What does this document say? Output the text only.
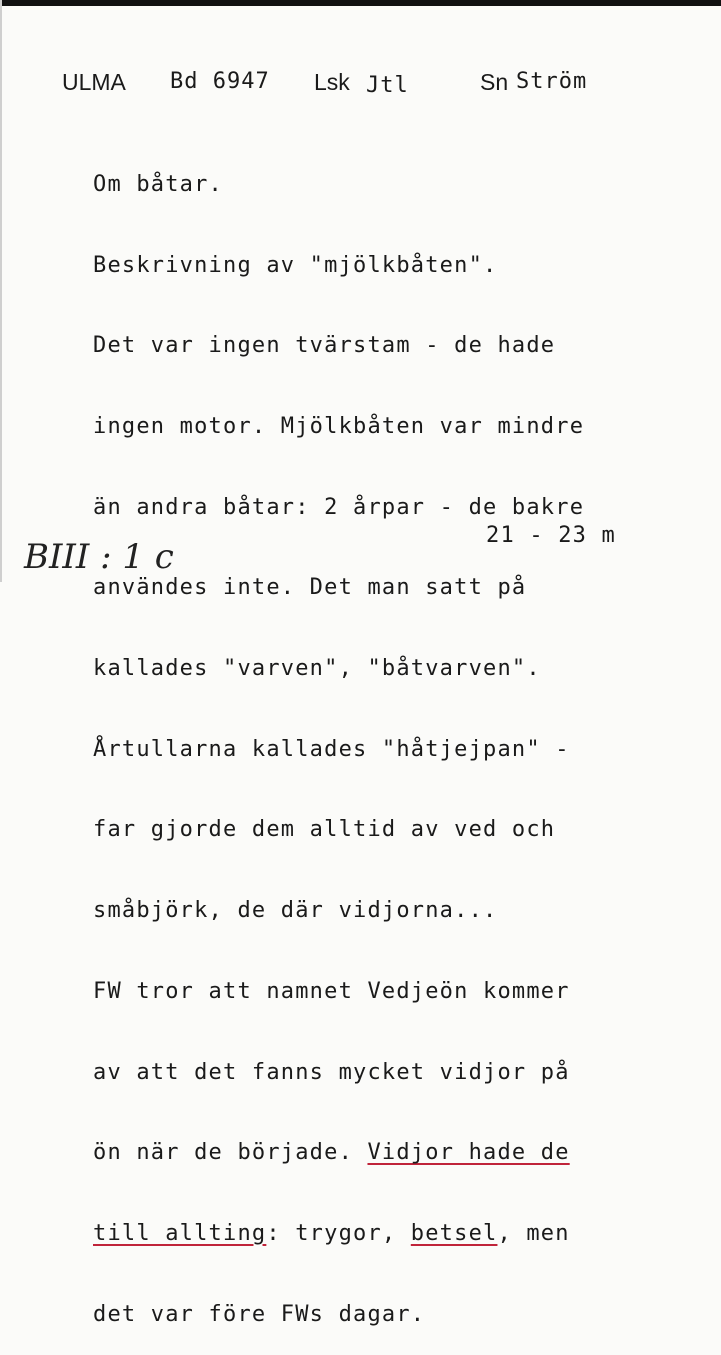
ULMA Bd 6947 Lsk Jtl	Sn Ström

Om båtar.

Beskrivning av "mjölkbåten".

Det var ingen tvärstam - de hade

ingen motor. Mjölkbåten var mindre

än andra båtar: 2 årpar - de bakre

användes inte. Det man satt på

kallades "varven", "båtvarven".

Årtullarna kallades "håtjejpan" -

far gjorde dem alltid av ved och

småbjörk, de där vidjorna...

FW tror att namnet Vedjeön kommer

av att det fanns mycket vidjor på

ön när de började. Vidjor hade de

till allting: trygor, betsel, men

det var före FWs dagar.

21 - 23 m
BIII : 1 c
